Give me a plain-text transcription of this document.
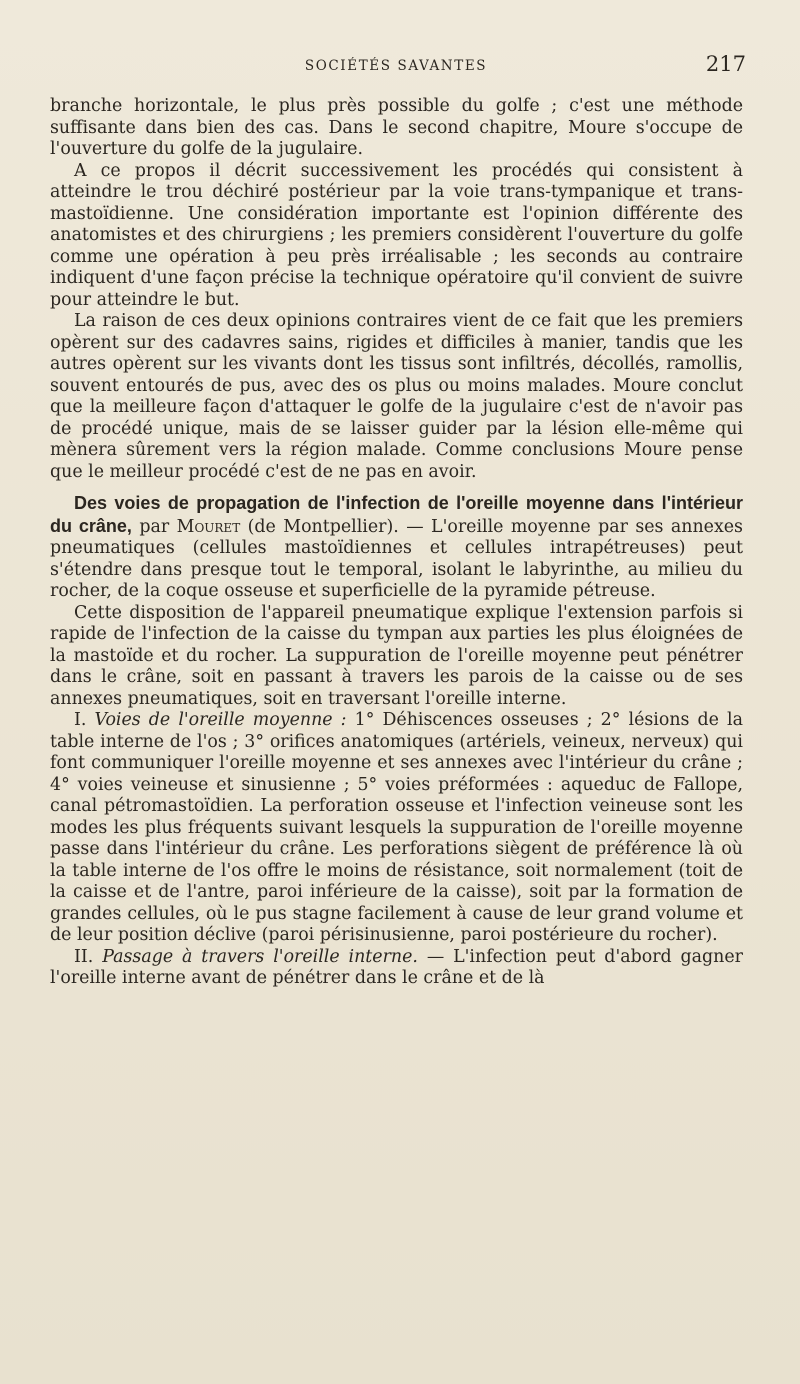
SOCIÉTÉS SAVANTES	217

branche horizontale, le plus près possible du golfe ; c'est une méthode suffisante dans bien des cas. Dans le second chapitre, Moure s'occupe de l'ouverture du golfe de la jugulaire.

A ce propos il décrit successivement les procédés qui consistent à atteindre le trou déchiré postérieur par la voie trans-tympanique et trans-mastoïdienne. Une considération importante est l'opinion différente des anatomistes et des chirurgiens ; les premiers considèrent l'ouverture du golfe comme une opération à peu près irréalisable ; les seconds au contraire indiquent d'une façon précise la technique opératoire qu'il convient de suivre pour atteindre le but.

La raison de ces deux opinions contraires vient de ce fait que les premiers opèrent sur des cadavres sains, rigides et difficiles à manier, tandis que les autres opèrent sur les vivants dont les tissus sont infiltrés, décollés, ramollis, souvent entourés de pus, avec des os plus ou moins malades. Moure conclut que la meilleure façon d'attaquer le golfe de la jugulaire c'est de n'avoir pas de procédé unique, mais de se laisser guider par la lésion elle-même qui mènera sûrement vers la région malade. Comme conclusions Moure pense que le meilleur procédé c'est de ne pas en avoir.

Des voies de propagation de l'infection de l'oreille moyenne dans l'intérieur du crâne, par Mouret (de Montpellier). — L'oreille moyenne par ses annexes pneumatiques (cellules mastoïdiennes et cellules intrapétreuses) peut s'étendre dans presque tout le temporal, isolant le labyrinthe, au milieu du rocher, de la coque osseuse et superficielle de la pyramide pétreuse.

Cette disposition de l'appareil pneumatique explique l'extension parfois si rapide de l'infection de la caisse du tympan aux parties les plus éloignées de la mastoïde et du rocher. La suppuration de l'oreille moyenne peut pénétrer dans le crâne, soit en passant à travers les parois de la caisse ou de ses annexes pneumatiques, soit en traversant l'oreille interne.

I. Voies de l'oreille moyenne : 1° Déhiscences osseuses ; 2° lésions de la table interne de l'os ; 3° orifices anatomiques (artériels, veineux, nerveux) qui font communiquer l'oreille moyenne et ses annexes avec l'intérieur du crâne ; 4° voies veineuse et sinusienne ; 5° voies préformées : aqueduc de Fallope, canal pétromastoïdien. La perforation osseuse et l'infection veineuse sont les modes les plus fréquents suivant lesquels la suppuration de l'oreille moyenne passe dans l'intérieur du crâne. Les perforations siègent de préférence là où la table interne de l'os offre le moins de résistance, soit normalement (toit de la caisse et de l'antre, paroi inférieure de la caisse), soit par la formation de grandes cellules, où le pus stagne facilement à cause de leur grand volume et de leur position déclive (paroi périsinusienne, paroi postérieure du rocher).

II. Passage à travers l'oreille interne. — L'infection peut d'abord gagner l'oreille interne avant de pénétrer dans le crâne et de là
